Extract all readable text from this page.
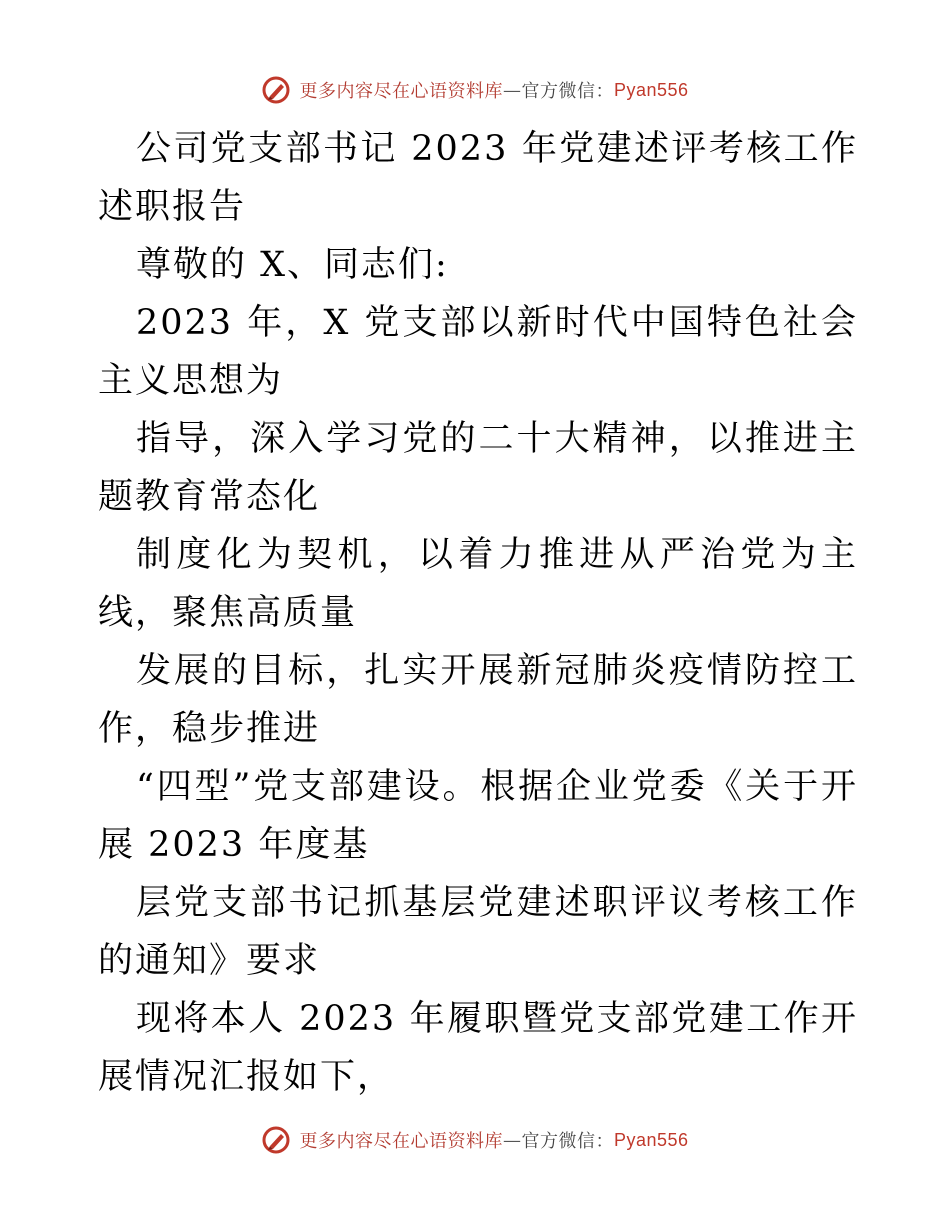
更多内容尽在心语资料库 — 官方微信： Pyan556

公司党支部书记 2023 年党建述评考核工作述职报告

尊敬的 X、同志们:

2023 年，X 党支部以新时代中国特色社会主义思想为

指导，深入学习党的二十大精神，以推进主题教育常态化

制度化为契机，以着力推进从严治党为主线，聚焦高质量

发展的目标，扎实开展新冠肺炎疫情防控工作，稳步推进

“四型”党支部建设。根据企业党委《关于开展 2023 年度基

层党支部书记抓基层党建述职评议考核工作的通知》要求

现将本人 2023 年履职暨党支部党建工作开展情况汇报如下，

更多内容尽在心语资料库 — 官方微信： Pyan556
